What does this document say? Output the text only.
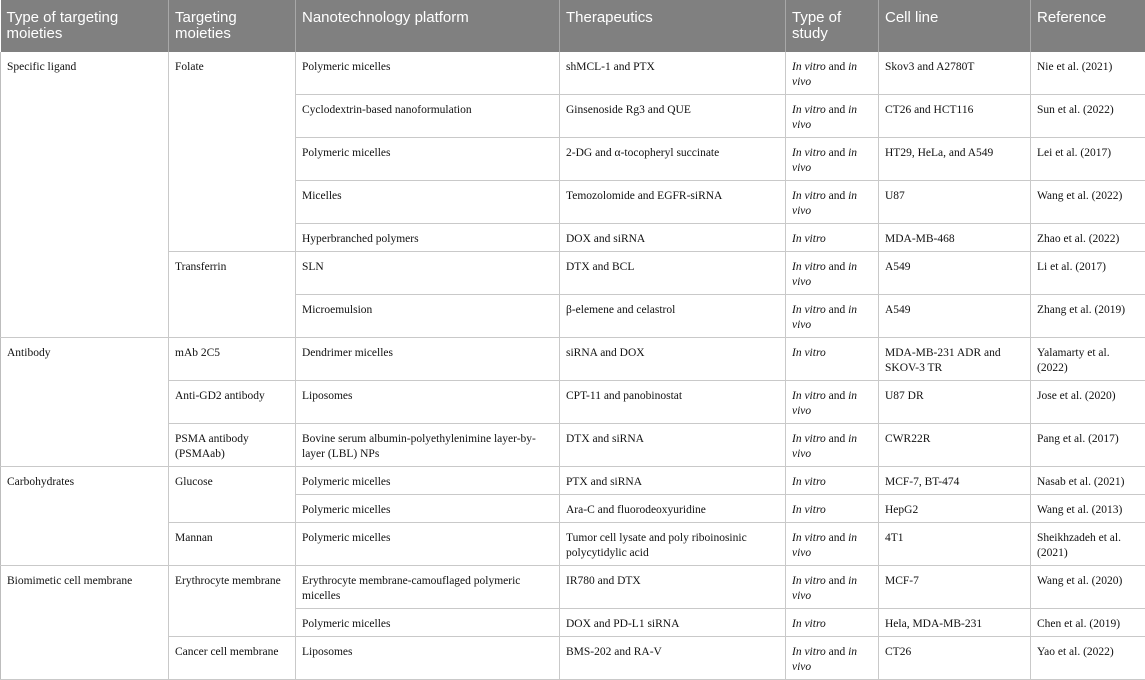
Type of targeting moieties	Targeting moieties	Nanotechnology platform	Therapeutics	Type of study	Cell line	Reference
Specific ligand	Folate	Polymeric micelles	shMCL-1 and PTX	In vitro and in vivo	Skov3 and A2780T	Nie et al. (2021)
		Cyclodextrin-based nanoformulation	Ginsenoside Rg3 and QUE	In vitro and in vivo	CT26 and HCT116	Sun et al. (2022)
		Polymeric micelles	2-DG and α-tocopheryl succinate	In vitro and in vivo	HT29, HeLa, and A549	Lei et al. (2017)
		Micelles	Temozolomide and EGFR-siRNA	In vitro and in vivo	U87	Wang et al. (2022)
		Hyperbranched polymers	DOX and siRNA	In vitro	MDA-MB-468	Zhao et al. (2022)
	Transferrin	SLN	DTX and BCL	In vitro and in vivo	A549	Li et al. (2017)
		Microemulsion	β-elemene and celastrol	In vitro and in vivo	A549	Zhang et al. (2019)
Antibody	mAb 2C5	Dendrimer micelles	siRNA and DOX	In vitro	MDA-MB-231 ADR and SKOV-3 TR	Yalamarty et al. (2022)
	Anti-GD2 antibody	Liposomes	CPT-11 and panobinostat	In vitro and in vivo	U87 DR	Jose et al. (2020)
	PSMA antibody (PSMAab)	Bovine serum albumin-polyethylenimine layer-by-layer (LBL) NPs	DTX and siRNA	In vitro and in vivo	CWR22R	Pang et al. (2017)
Carbohydrates	Glucose	Polymeric micelles	PTX and siRNA	In vitro	MCF-7, BT-474	Nasab et al. (2021)
		Polymeric micelles	Ara-C and fluorodeoxyuridine	In vitro	HepG2	Wang et al. (2013)
	Mannan	Polymeric micelles	Tumor cell lysate and poly riboinosinic polycytidylic acid	In vitro and in vivo	4T1	Sheikhzadeh et al. (2021)
Biomimetic cell membrane	Erythrocyte membrane	Erythrocyte membrane-camouflaged polymeric micelles	IR780 and DTX	In vitro and in vivo	MCF-7	Wang et al. (2020)
		Polymeric micelles	DOX and PD-L1 siRNA	In vitro	Hela, MDA-MB-231	Chen et al. (2019)
	Cancer cell membrane	Liposomes	BMS-202 and RA-V	In vitro and in vivo	CT26	Yao et al. (2022)
